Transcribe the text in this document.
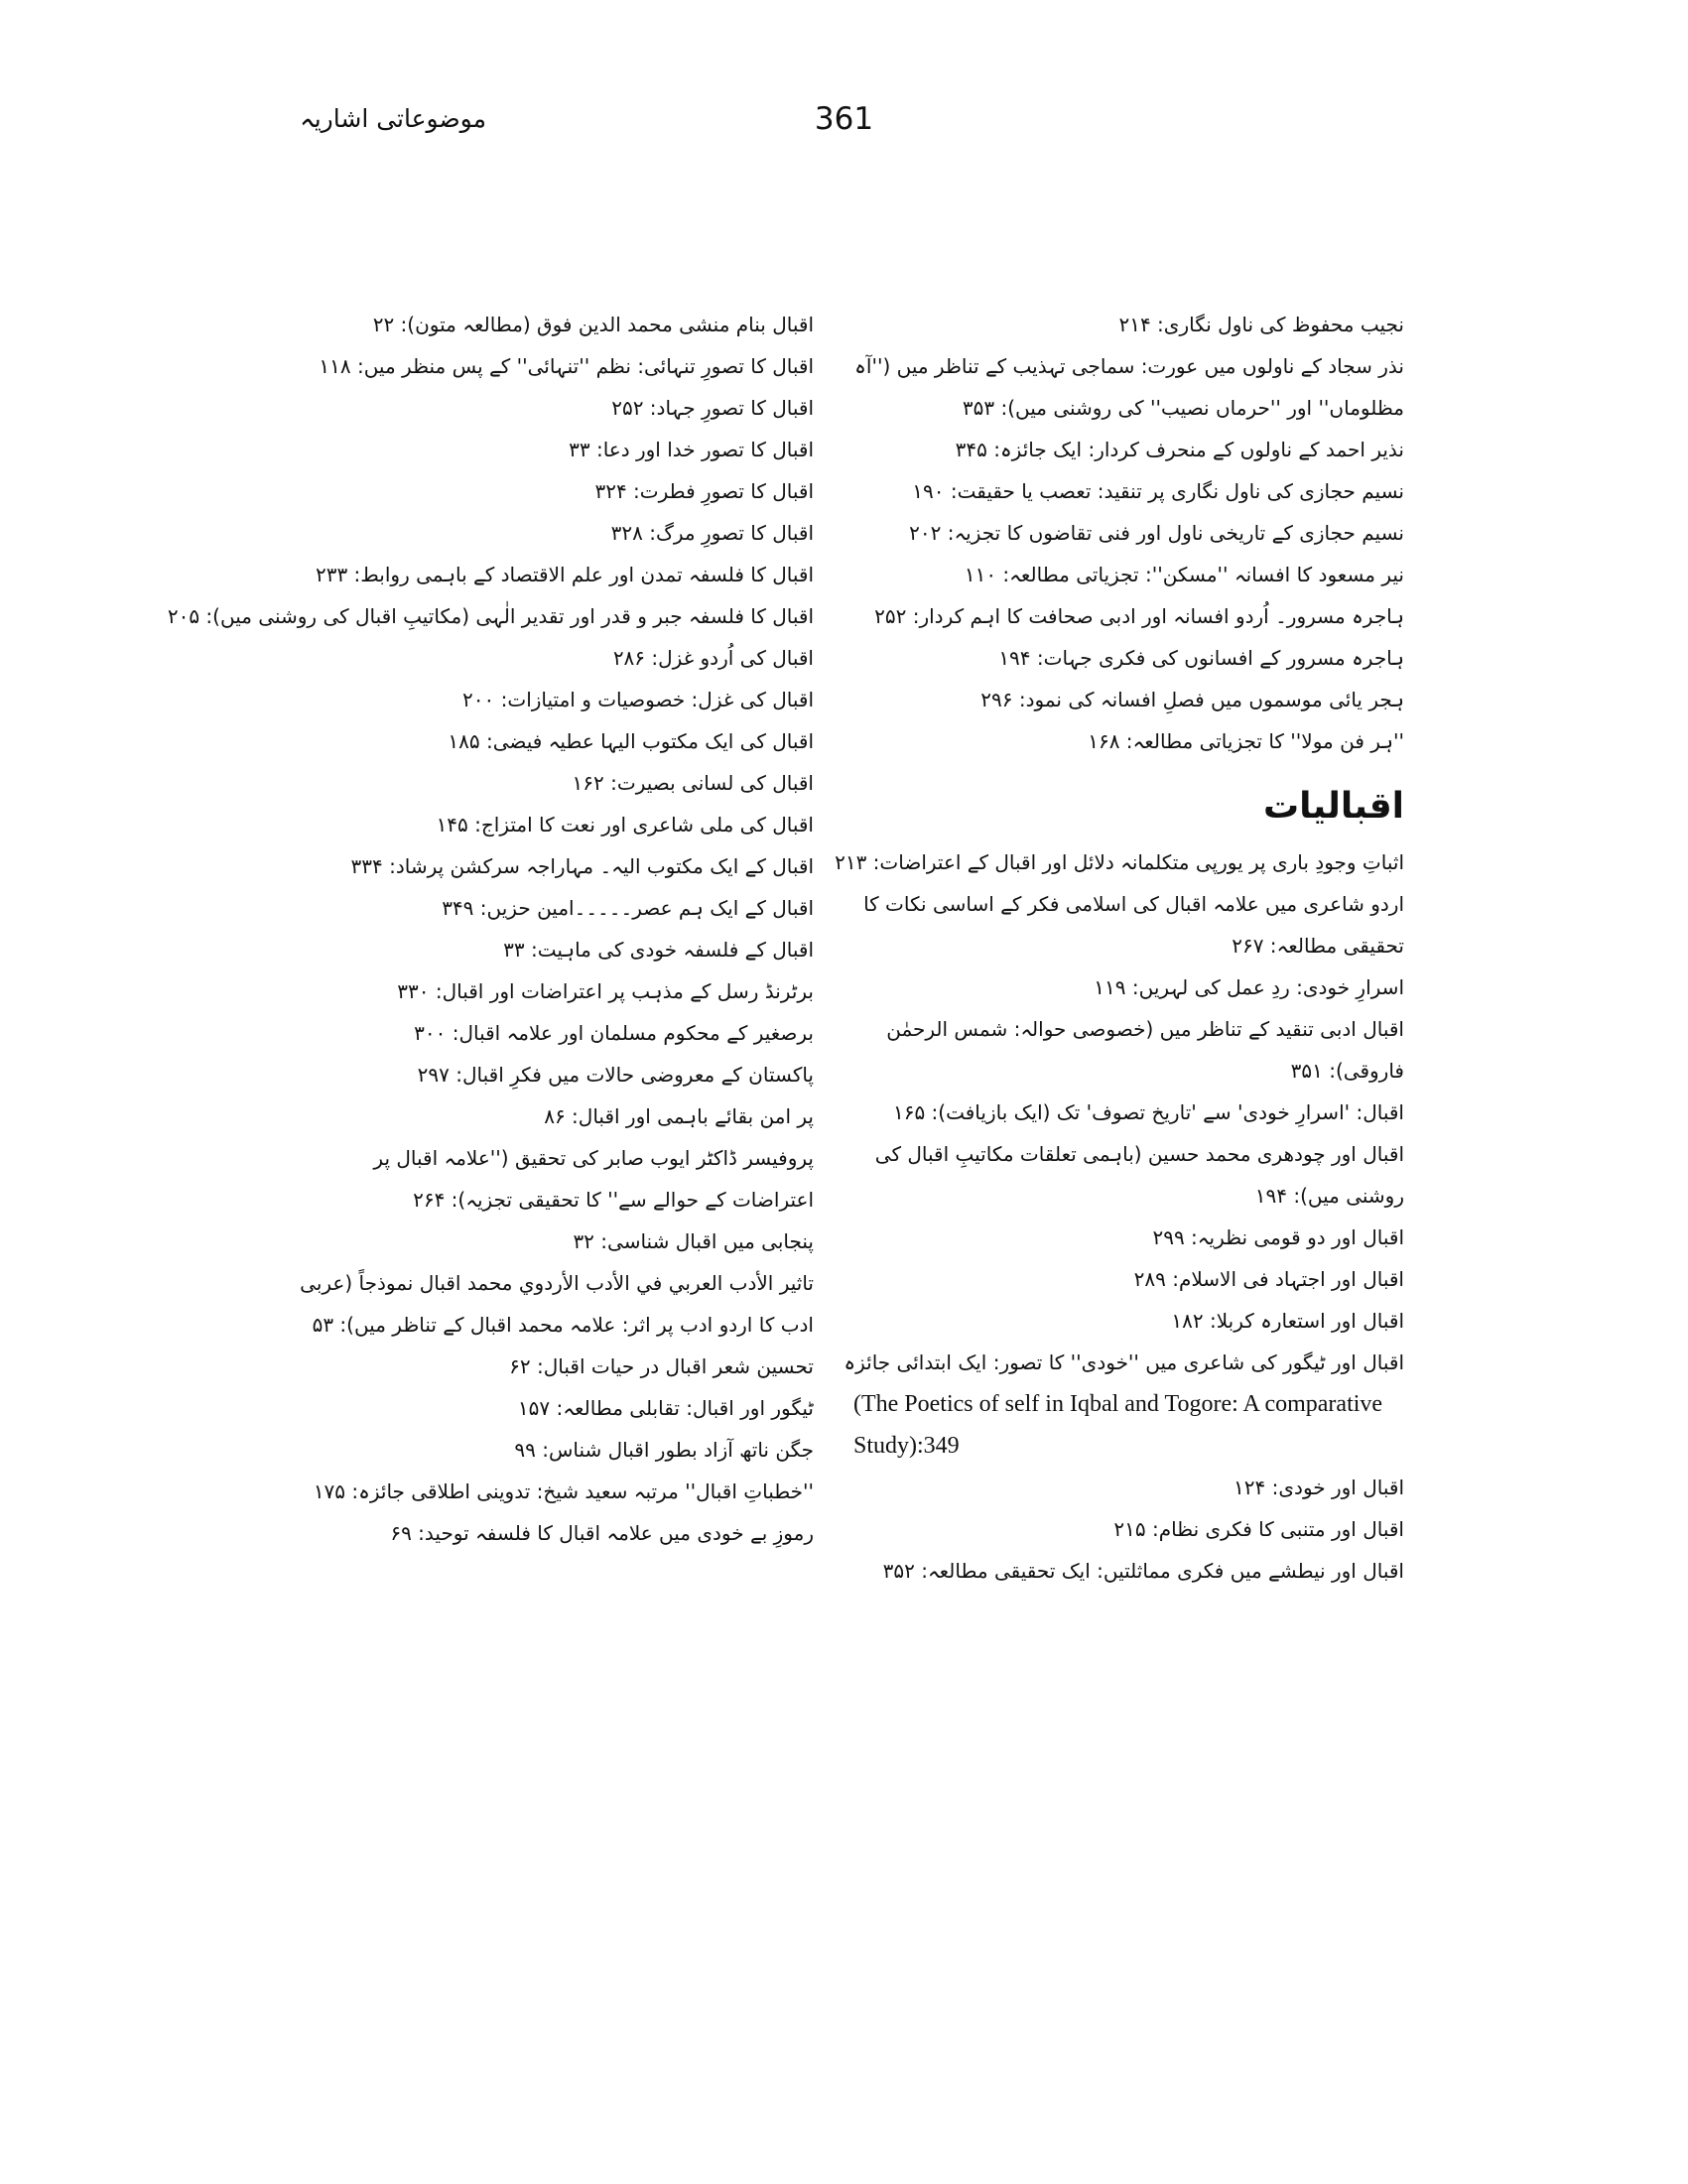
361
موضوعاتی اشاریہ
نجیب محفوظ کی ناول نگاری: ۲۱۴
نذر سجاد کے ناولوں میں عورت: سماجی تہذیب کے تناظر میں (''آہ مظلوماں'' اور ''حرماں نصیب'' کی روشنی میں): ۳۵۳
نذیر احمد کے ناولوں کے منحرف کردار: ایک جائزہ: ۳۴۵
نسیم حجازی کی ناول نگاری پر تنقید: تعصب یا حقیقت: ۱۹۰
نسیم حجازی کے تاریخی ناول اور فنی تقاضوں کا تجزیہ: ۲۰۲
نیر مسعود کا افسانہ ''مسکن'': تجزیاتی مطالعہ: ۱۱۰
ہاجرہ مسرور۔ اُردو افسانہ اور ادبی صحافت کا اہم کردار: ۲۵۲
ہاجرہ مسرور کے افسانوں کی فکری جہات: ۱۹۴
ہجر یائی موسموں میں فصلِ افسانہ کی نمود: ۲۹۶
''ہر فن مولا'' کا تجزیاتی مطالعہ: ۱۶۸
اقبالیات
اثباتِ وجودِ باری پر یورپی متکلمانہ دلائل اور اقبال کے اعتراضات: ۲۱۳
اردو شاعری میں علامہ اقبال کی اسلامی فکر کے اساسی نکات کا تحقیقی مطالعہ: ۲۶۷
اسرارِ خودی: ردِ عمل کی لہریں: ۱۱۹
اقبال ادبی تنقید کے تناظر میں (خصوصی حوالہ: شمس الرحمٰن فاروقی): ۳۵۱
اقبال: 'اسرارِ خودی' سے 'تاریخ تصوف' تک (ایک بازیافت): ۱۶۵
اقبال اور چودھری محمد حسین (باہمی تعلقات مکاتیبِ اقبال کی روشنی میں): ۱۹۴
اقبال اور دو قومی نظریہ: ۲۹۹
اقبال اور اجتہاد فی الاسلام: ۲۸۹
اقبال اور استعارہ کربلا: ۱۸۲
اقبال اور ٹیگور کی شاعری میں ''خودی'' کا تصور: ایک ابتدائی جائزہ
(The Poetics of self in Iqbal and Togore: A comparative Study):349
اقبال اور خودی: ۱۲۴
اقبال اور متنبی کا فکری نظام: ۲۱۵
اقبال اور نیطشے میں فکری مماثلتیں: ایک تحقیقی مطالعہ: ۳۵۲
اقبال بنام منشی محمد الدین فوق (مطالعہ متون): ۲۲
اقبال کا تصورِ تنہائی: نظم ''تنہائی'' کے پس منظر میں: ۱۱۸
اقبال کا تصورِ جہاد: ۲۵۲
اقبال کا تصور خدا اور دعا: ۳۳
اقبال کا تصورِ فطرت: ۳۲۴
اقبال کا تصورِ مرگ: ۳۲۸
اقبال کا فلسفہ تمدن اور علم الاقتصاد کے باہمی روابط: ۲۳۳
اقبال کا فلسفہ جبر و قدر اور تقدیر الٰہی (مکاتیبِ اقبال کی روشنی میں): ۲۰۵
اقبال کی اُردو غزل: ۲۸۶
اقبال کی غزل: خصوصیات و امتیازات: ۲۰۰
اقبال کی ایک مکتوب الیہا عطیہ فیضی: ۱۸۵
اقبال کی لسانی بصیرت: ۱۶۲
اقبال کی ملی شاعری اور نعت کا امتزاج: ۱۴۵
اقبال کے ایک مکتوب الیہ۔ مہاراجہ سرکشن پرشاد: ۳۳۴
اقبال کے ایک ہم عصر۔۔۔۔۔امین حزیں: ۳۴۹
اقبال کے فلسفہ خودی کی ماہیت: ۳۳
برٹرنڈ رسل کے مذہب پر اعتراضات اور اقبال: ۳۳۰
برصغیر کے محکوم مسلمان اور علامہ اقبال: ۳۰۰
پاکستان کے معروضی حالات میں فکرِ اقبال: ۲۹۷
پر امن بقائے باہمی اور اقبال: ۸۶
پروفیسر ڈاکٹر ایوب صابر کی تحقیق (''علامہ اقبال پر اعتراضات کے حوالے سے'' کا تحقیقی تجزیہ): ۲۶۴
پنجابی میں اقبال شناسی: ۳۲
تاثیر الأدب العربي في الأدب الأردوي محمد اقبال نموذجاً (عربی ادب کا اردو ادب پر اثر: علامہ محمد اقبال کے تناظر میں): ۵۳
تحسین شعر اقبال در حیات اقبال: ۶۲
ٹیگور اور اقبال: تقابلی مطالعہ: ۱۵۷
جگن ناتھ آزاد بطور اقبال شناس: ۹۹
''خطباتِ اقبال'' مرتبہ سعید شیخ: تدوینی اطلاقی جائزہ: ۱۷۵
رموزِ بے خودی میں علامہ اقبال کا فلسفہ توحید: ۶۹
